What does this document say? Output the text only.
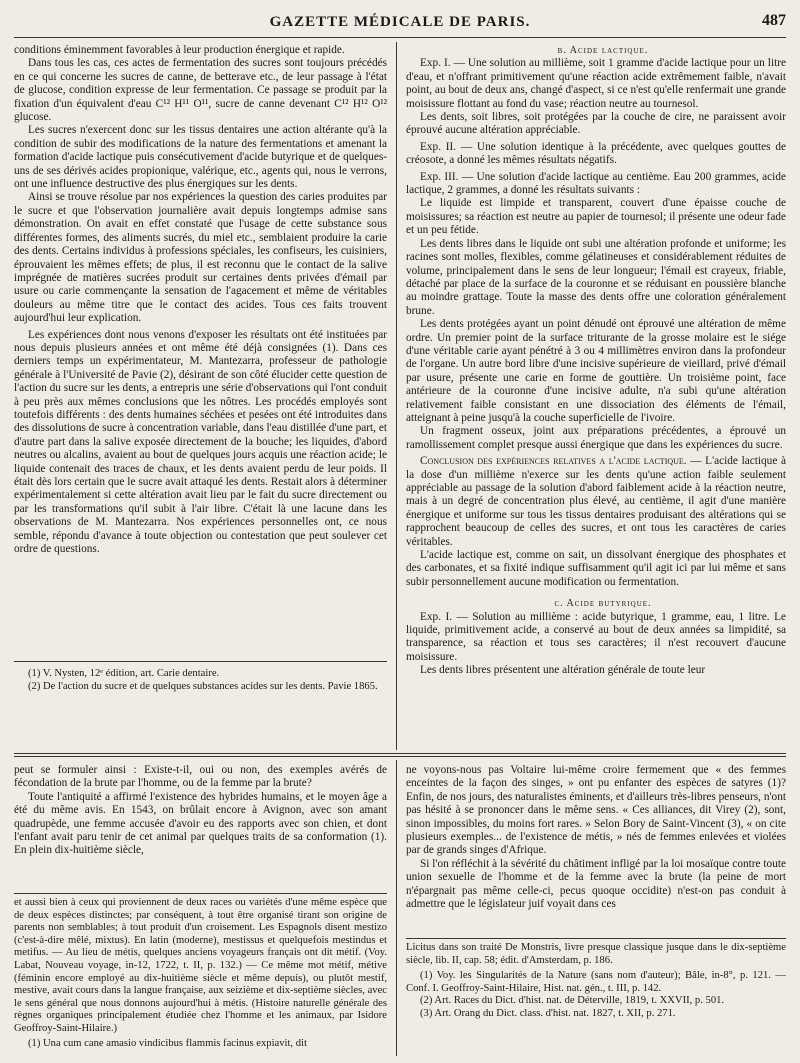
GAZETTE MÉDICALE DE PARIS.	487

conditions éminemment favorables à leur production énergique et rapide.

Dans tous les cas, ces actes de fermentation des sucres sont toujours précédés en ce qui concerne les sucres de canne, de betterave etc., de leur passage à l'état de glucose, condition expresse de leur fermentation. Ce passage se produit par la fixation d'un équivalent d'eau C¹² H¹¹ O¹¹, sucre de canne devenant C¹² H¹² O¹² glucose.

Les sucres n'exercent donc sur les tissus dentaires une action altérante qu'à la condition de subir des modifications de la nature des fermentations et amenant la formation d'acide lactique puis consécutivement d'acide butyrique et de quelques-uns de ses dérivés acides propionique, valérique, etc., agents qui, nous le verrons, ont une influence destructive des plus énergiques sur les dents.

Ainsi se trouve résolue par nos expériences la question des caries produites par le sucre et que l'observation journalière avait depuis longtemps admise sans démonstration. On avait en effet constaté que l'usage de cette substance sous différentes formes, des aliments sucrés, du miel etc., semblaient produire la carie des dents. Certains individus à professions spéciales, les confiseurs, les cuisiniers, éprouvaient les mêmes effets; de plus, il est reconnu que le contact de la salive imprégnée de matières sucrées produit sur certaines dents privées d'émail par usure ou carie commençante la sensation de l'agacement et même de véritables douleurs au même titre que le contact des acides. Tous ces faits trouvent aujourd'hui leur explication.

Les expériences dont nous venons d'exposer les résultats ont été instituées par nous depuis plusieurs années et ont même été déjà consignées (1). Dans ces derniers temps un expérimentateur, M. Mantezarra, professeur de pathologie générale à l'Université de Pavie (2), désirant de son côté élucider cette question de l'action du sucre sur les dents, a entrepris une série d'observations qui l'ont conduit à peu près aux mêmes conclusions que les nôtres. Les procédés employés sont toutefois différents : des dents humaines séchées et pesées ont été introduites dans des dissolutions de sucre à concentration variable, dans l'eau distillée d'une part, et d'autre part dans la salive exposée directement de la bouche; les liquides, d'abord neutres ou alcalins, avaient au bout de quelques jours acquis une réaction acide; le liquide contenait des traces de chaux, et les dents avaient perdu de leur poids. Il était dès lors certain que le sucre avait attaqué les dents. Restait alors à déterminer expérimentalement si cette altération avait lieu par le fait du sucre directement ou par les transformations qu'il subit à l'air libre. C'était là une lacune dans les observations de M. Mantezarra. Nos expériences personnelles ont, ce nous semble, répondu d'avance à toute objection ou contestation que peut soulever cet ordre de questions.

(1) V. Nysten, 12ᵉ édition, art. Carie dentaire.

(2) De l'action du sucre et de quelques substances acides sur les dents. Pavie 1865.

b. Acide lactique.

Exp. I. — Une solution au millième, soit 1 gramme d'acide lactique pour un litre d'eau, et n'offrant primitivement qu'une réaction acide extrêmement faible, n'avait point, au bout de deux ans, changé d'aspect, si ce n'est qu'elle renfermait une grande moisissure flottant au fond du vase; réaction neutre au tournesol.

Les dents, soit libres, soit protégées par la couche de cire, ne paraissent avoir éprouvé aucune altération appréciable.

Exp. II. — Une solution identique à la précédente, avec quelques gouttes de créosote, a donné les mêmes résultats négatifs.

Exp. III. — Une solution d'acide lactique au centième. Eau 200 grammes, acide lactique, 2 grammes, a donné les résultats suivants :

Le liquide est limpide et transparent, couvert d'une épaisse couche de moisissures; sa réaction est neutre au papier de tournesol; il présente une odeur fade et un peu fétide.

Les dents libres dans le liquide ont subi une altération profonde et uniforme; les racines sont molles, flexibles, comme gélatineuses et considérablement réduites de volume, principalement dans le sens de leur longueur; l'émail est crayeux, friable, détaché par place de la surface de la couronne et se réduisant en poussière blanche au moindre grattage. Toute la masse des dents offre une coloration généralement brune.

Les dents protégées ayant un point dénudé ont éprouvé une altération de même ordre. Un premier point de la surface triturante de la grosse molaire est le siége d'une véritable carie ayant pénétré à 3 ou 4 millimètres environ dans la profondeur de l'organe. Un autre bord libre d'une incisive supérieure de vieillard, privé d'émail par usure, présente une carie en forme de gouttière. Un troisième point, face antérieure de la couronne d'une incisive adulte, n'a subi qu'une altération relativement faible consistant en une dissociation des éléments de l'émail, atteignant à peine jusqu'à la couche superficielle de l'ivoire.

Un fragment osseux, joint aux préparations précédentes, a éprouvé un ramollissement complet presque aussi énergique que dans les expériences du sucre.

Conclusion des expériences relatives a l'acide lactique. — L'acide lactique à la dose d'un millième n'exerce sur les dents qu'une action faible seulement appréciable au passage de la solution d'abord faiblement acide à la réaction neutre, mais à un degré de concentration plus élevé, au centième, il agit d'une manière énergique et uniforme sur tous les tissus dentaires produisant des altérations qui se rapprochent beaucoup de celles des sucres, et ont tous les caractères de caries véritables.

L'acide lactique est, comme on sait, un dissolvant énergique des phosphates et des carbonates, et sa fixité indique suffisamment qu'il agit ici par lui même et sans subir personnellement aucune modification ou fermentation.

c. Acide butyrique.

Exp. I. — Solution au millième : acide butyrique, 1 gramme, eau, 1 litre. Le liquide, primitivement acide, a conservé au bout de deux années sa limpidité, sa transparence, sa réaction et tous ses caractères; il n'est recouvert d'aucune moisissure.

Les dents libres présentent une altération générale de toute leur

peut se formuler ainsi : Existe-t-il, oui ou non, des exemples avérés de fécondation de la brute par l'homme, ou de la femme par la brute?

Toute l'antiquité a affirmé l'existence des hybrides humains, et le moyen âge a été du même avis. En 1543, on brûlait encore à Avignon, avec son amant quadrupède, une femme accusée d'avoir eu des rapports avec son chien, et dont l'enfant avait paru tenir de cet animal par quelques traits de sa conformation (1). En plein dix-huitième siècle,

et aussi bien à ceux qui proviennent de deux races ou variétés d'une même espèce que de deux espèces distinctes; par conséquent, à tout être organisé tirant son origine de parents non semblables; à tout produit d'un croisement. Les Espagnols disent mestizo (c'est-à-dire mêlé, mixtus). En latin (moderne), mestissus et quelquefois mestindus et metifus. — Au lieu de métis, quelques anciens voyageurs français ont dit métif. (Voy. Labat, Nouveau voyage, in-12, 1722, t. II, p. 132.) — Ce même mot métif, métive (féminin encore employé au dix-huitième siècle et même depuis), ou plutôt mestif, mestive, avait cours dans la langue française, aux seizième et dix-septième siècles, avec le sens général que nous donnons aujourd'hui à métis. (Histoire naturelle générale des règnes organiques principalement étudiée chez l'homme et les animaux, par Isidore Geoffroy-Saint-Hilaire.)

(1) Una cum cane amasio vindicibus flammis facinus expiavit, dit

ne voyons-nous pas Voltaire lui-même croire fermement que « des femmes enceintes de la façon des singes, » ont pu enfanter des espèces de satyres (1)? Enfin, de nos jours, des naturalistes éminents, et d'ailleurs très-libres penseurs, n'ont pas hésité à se prononcer dans le même sens. « Ces alliances, dit Virey (2), sont, sinon impossibles, du moins fort rares. » Selon Bory de Saint-Vincent (3), « on cite plusieurs exemples... de l'existence de métis, » nés de femmes enlevées et violées par de grands singes d'Afrique.

Si l'on réfléchit à la sévérité du châtiment infligé par la loi mosaïque contre toute union sexuelle de l'homme et de la femme avec la brute (la peine de mort n'épargnait pas même celle-ci, pecus quoque occidite) n'est-on pas conduit à admettre que le législateur juif voyait dans ces

Licitus dans son traité De Monstris, livre presque classique jusque dans le dix-septième siècle, lib. II, cap. 58; édit. d'Amsterdam, p. 186.

(1) Voy. les Singularités de la Nature (sans nom d'auteur); Bâle, in-8°, p. 121. — Conf. I. Geoffroy-Saint-Hilaire, Hist. nat. gén., t. III, p. 142.

(2) Art. Races du Dict. d'hist. nat. de Déterville, 1819, t. XXVII, p. 501.

(3) Art. Orang du Dict. class. d'hist. nat. 1827, t. XII, p. 271.
